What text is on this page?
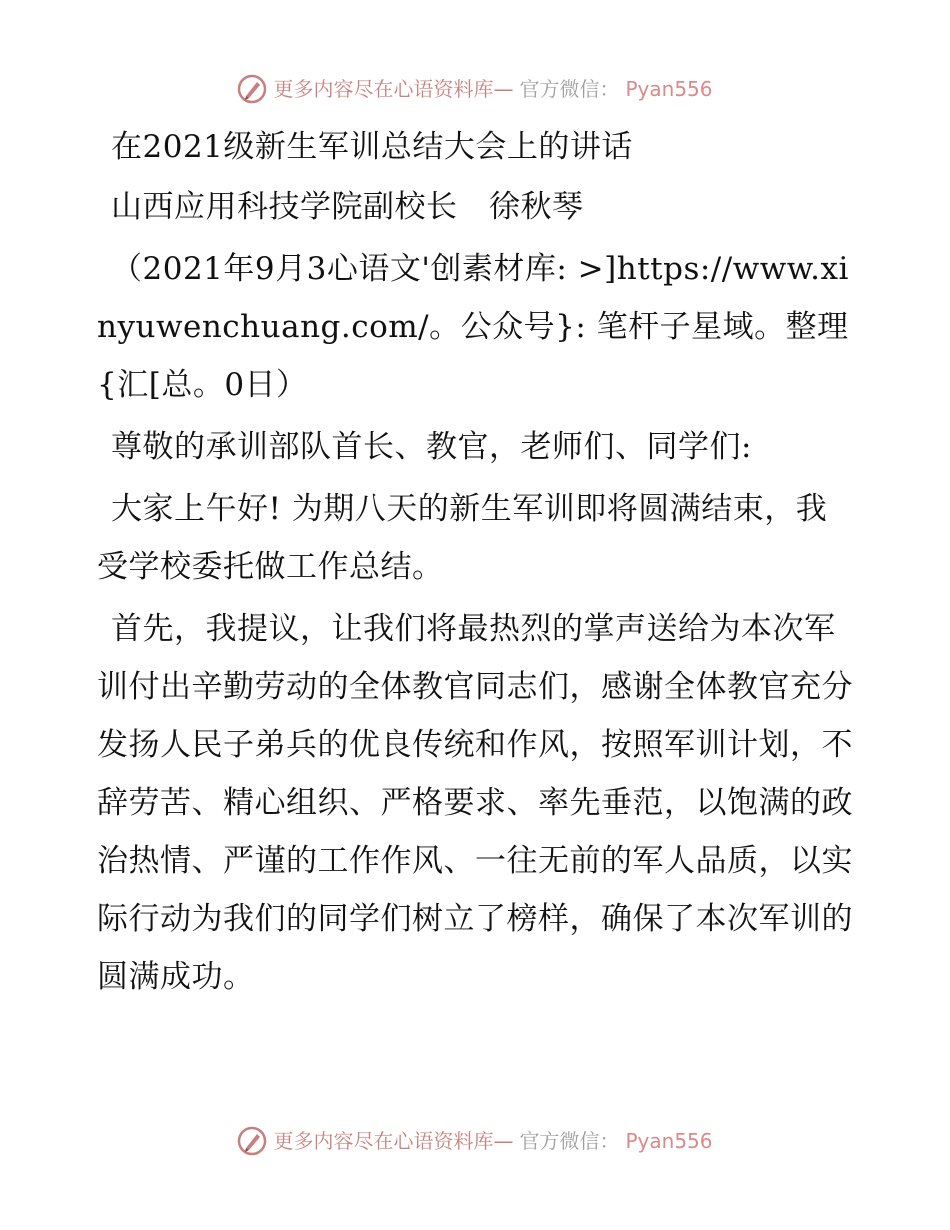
更多内容尽在心语资料库— 官方微信： Pyan556

在2021级新生军训总结大会上的讲话

山西应用科技学院副校长　徐秋琴

（2021年9月3心语文'创素材库: >]https://www.xinyuwenchuang.com/。公众号}: 笔杆子星域。整理{汇[总。0日）

尊敬的承训部队首长、教官，老师们、同学们:

大家上午好! 为期八天的新生军训即将圆满结束，我受学校委托做工作总结。

首先，我提议，让我们将最热烈的掌声送给为本次军训付出辛勤劳动的全体教官同志们，感谢全体教官充分发扬人民子弟兵的优良传统和作风，按照军训计划，不辞劳苦、精心组织、严格要求、率先垂范，以饱满的政治热情、严谨的工作作风、一往无前的军人品质，以实际行动为我们的同学们树立了榜样，确保了本次军训的圆满成功。

更多内容尽在心语资料库— 官方微信： Pyan556
